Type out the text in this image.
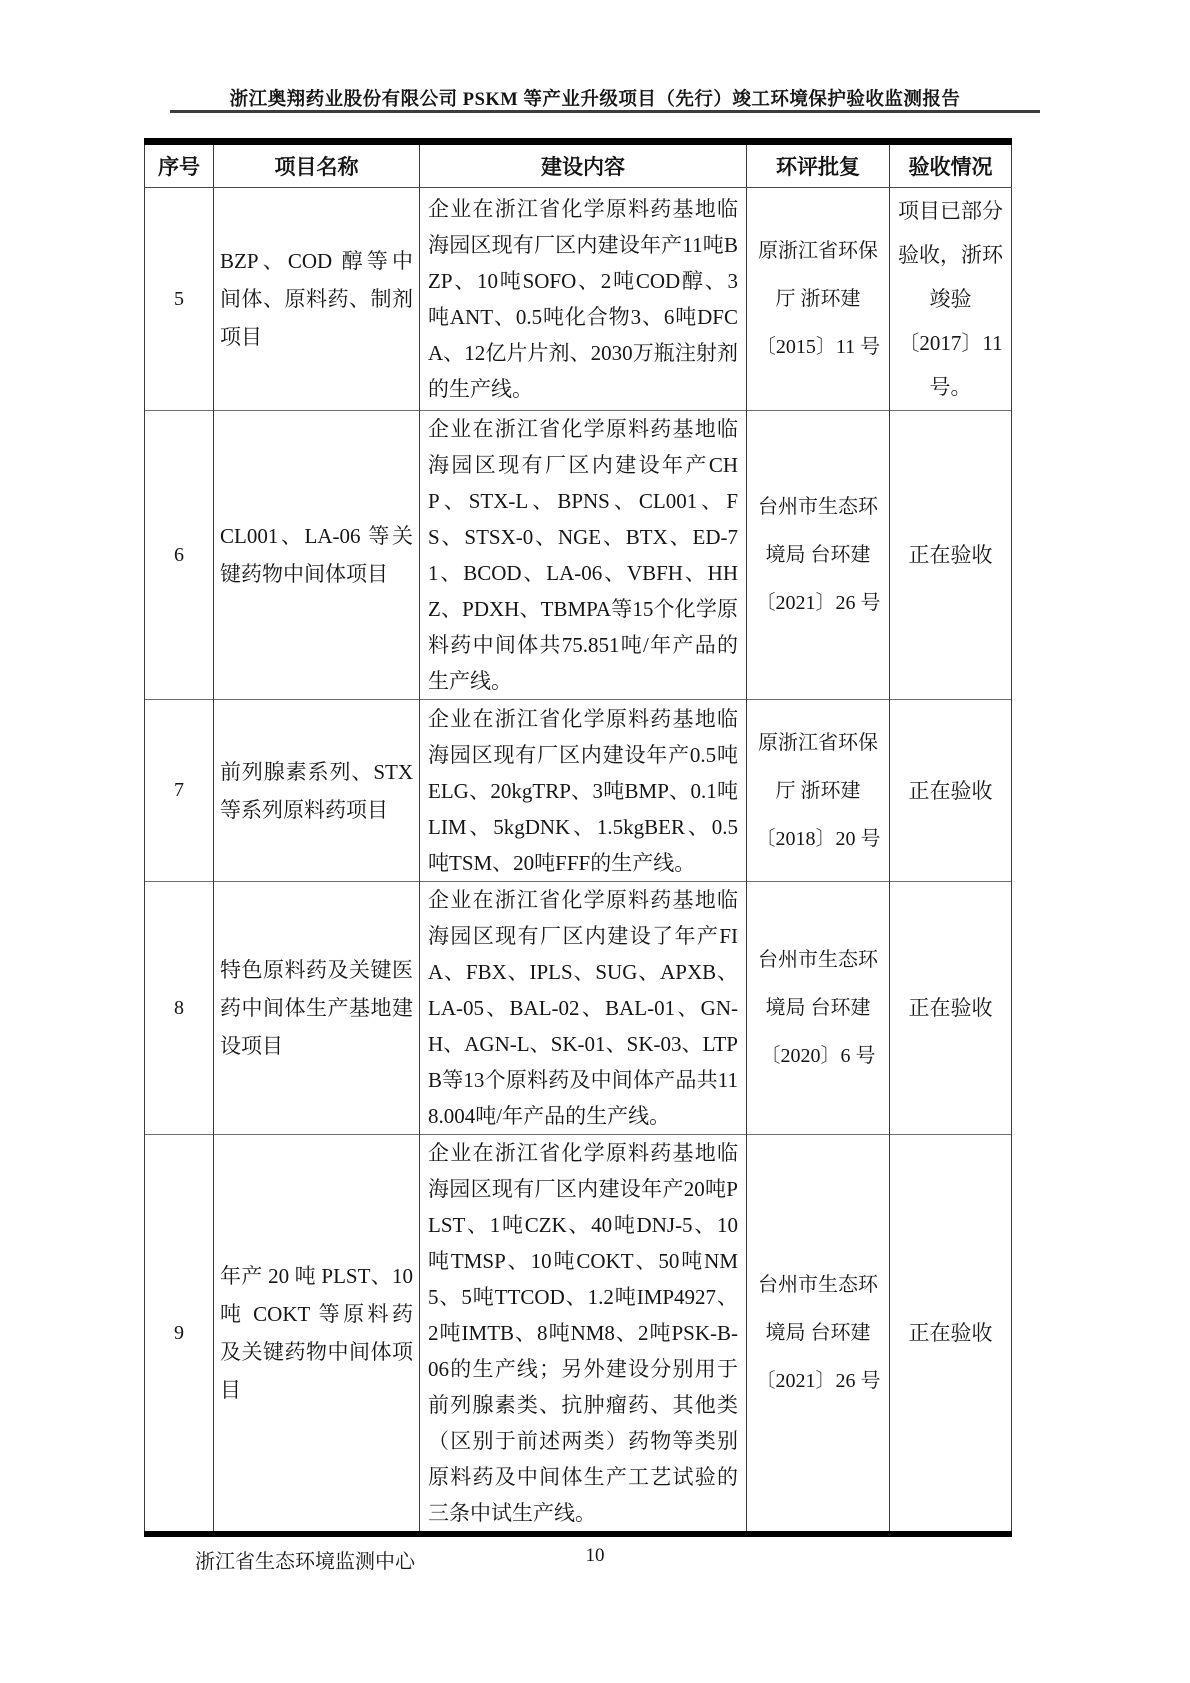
浙江奥翔药业股份有限公司 PSKM 等产业升级项目（先行）竣工环境保护验收监测报告
序号	项目名称	建设内容	环评批复	验收情况
5	BZP、COD 醇等中间体、原料药、制剂项目	企业在浙江省化学原料药基地临海园区现有厂区内建设年产11吨BZP、10吨SOFO、2吨COD醇、3吨ANT、0.5吨化合物3、6吨DFCA、12亿片片剂、2030万瓶注射剂的生产线。	原浙江省环保厅 浙环建〔2015〕11 号	项目已部分验收，浙环竣验〔2017〕11 号。
6	CL001、LA-06 等关键药物中间体项目	企业在浙江省化学原料药基地临海园区现有厂区内建设年产CHP、STX-L、BPNS、CL001、FS、STSX-0、NGE、BTX、ED-71、BCOD、LA-06、VBFH、HHZ、PDXH、TBMPA等15个化学原料药中间体共75.851吨/年产品的生产线。	台州市生态环境局 台环建〔2021〕26 号	正在验收
7	前列腺素系列、STX 等系列原料药项目	企业在浙江省化学原料药基地临海园区现有厂区内建设年产0.5吨ELG、20kgTRP、3吨BMP、0.1吨LIM、5kgDNK、1.5kgBER、0.5吨TSM、20吨FFF的生产线。	原浙江省环保厅 浙环建〔2018〕20 号	正在验收
8	特色原料药及关键医药中间体生产基地建设项目	企业在浙江省化学原料药基地临海园区现有厂区内建设了年产FIA、FBX、IPLS、SUG、APXB、LA-05、BAL-02、BAL-01、GN-H、AGN-L、SK-01、SK-03、LTPB等13个原料药及中间体产品共118.004吨/年产品的生产线。	台州市生态环境局 台环建〔2020〕6 号	正在验收
9	年产 20 吨 PLST、10 吨 COKT 等原料药及关键药物中间体项目	企业在浙江省化学原料药基地临海园区现有厂区内建设年产20吨PLST、1吨CZK、40吨DNJ-5、10吨TMSP、10吨COKT、50吨NM5、5吨TTCOD、1.2吨IMP4927、2吨IMTB、8吨NM8、2吨PSK-B-06的生产线；另外建设分别用于前列腺素类、抗肿瘤药、其他类（区别于前述两类）药物等类别原料药及中间体生产工艺试验的三条中试生产线。	台州市生态环境局 台环建〔2021〕26 号	正在验收
浙江省生态环境监测中心	10
